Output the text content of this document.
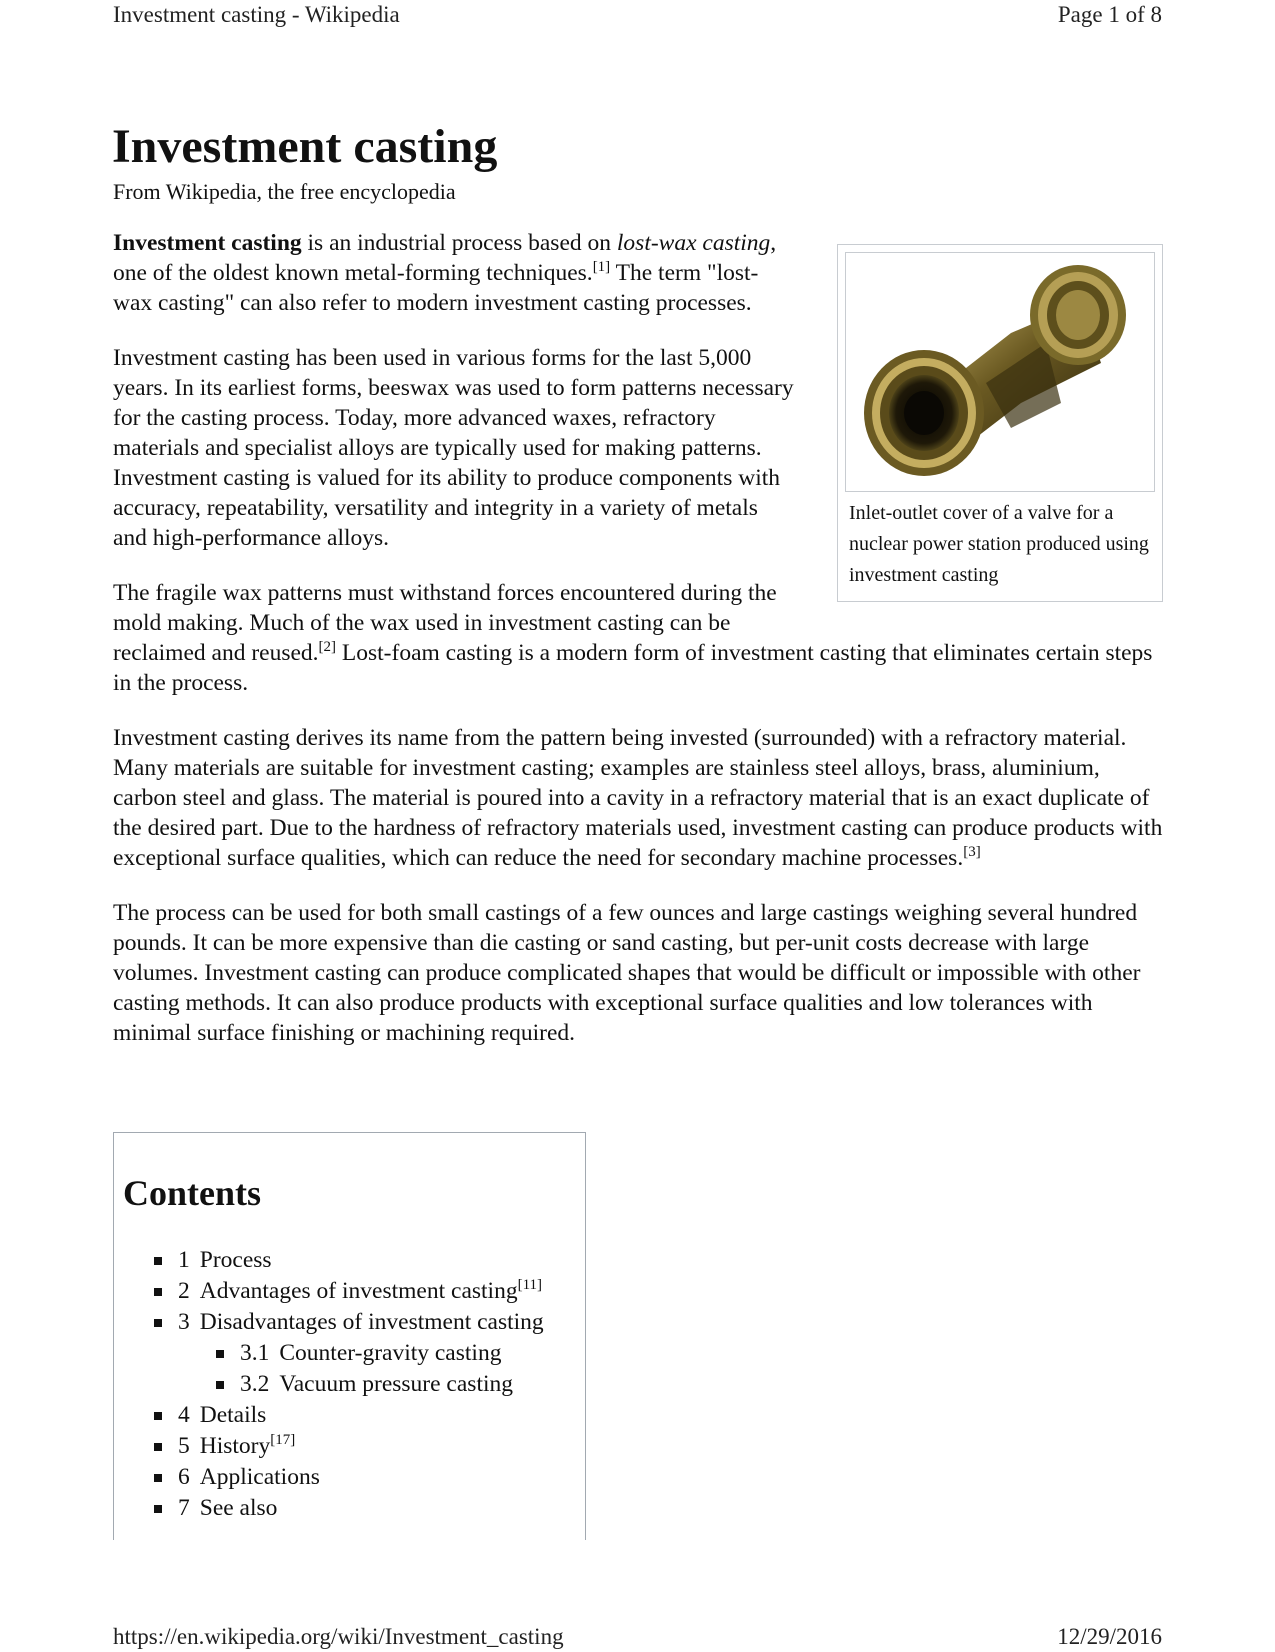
Investment casting - Wikipedia	Page 1 of 8
Investment casting
From Wikipedia, the free encyclopedia
Inlet-outlet cover of a valve for a nuclear power station produced using investment casting

Investment casting is an industrial process based on lost-wax casting, one of the oldest known metal-forming techniques.[1] The term "lost-wax casting" can also refer to modern investment casting processes.

Investment casting has been used in various forms for the last 5,000 years. In its earliest forms, beeswax was used to form patterns necessary for the casting process. Today, more advanced waxes, refractory materials and specialist alloys are typically used for making patterns. Investment casting is valued for its ability to produce components with accuracy, repeatability, versatility and integrity in a variety of metals and high-performance alloys.

The fragile wax patterns must withstand forces encountered during the mold making. Much of the wax used in investment casting can be reclaimed and reused.[2] Lost-foam casting is a modern form of investment casting that eliminates certain steps in the process.

Investment casting derives its name from the pattern being invested (surrounded) with a refractory material. Many materials are suitable for investment casting; examples are stainless steel alloys, brass, aluminium, carbon steel and glass. The material is poured into a cavity in a refractory material that is an exact duplicate of the desired part. Due to the hardness of refractory materials used, investment casting can produce products with exceptional surface qualities, which can reduce the need for secondary machine processes.[3]

The process can be used for both small castings of a few ounces and large castings weighing several hundred pounds. It can be more expensive than die casting or sand casting, but per-unit costs decrease with large volumes. Investment casting can produce complicated shapes that would be difficult or impossible with other casting methods. It can also produce products with exceptional surface qualities and low tolerances with minimal surface finishing or machining required.

Contents
1 Process
2 Advantages of investment casting[11]
3 Disadvantages of investment casting
3.1 Counter-gravity casting
3.2 Vacuum pressure casting
4 Details
5 History[17]
6 Applications
7 See also
https://en.wikipedia.org/wiki/Investment_casting	12/29/2016
